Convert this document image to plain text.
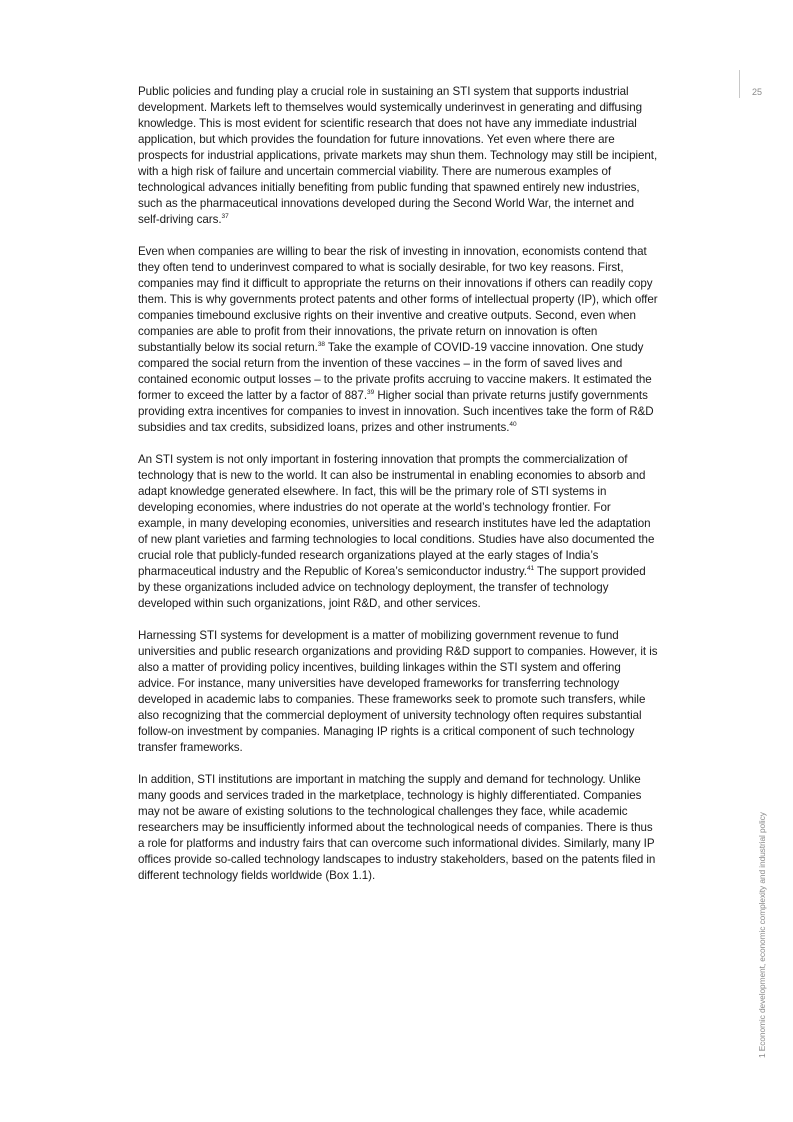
25

Public policies and funding play a crucial role in sustaining an STI system that supports industrial development. Markets left to themselves would systemically underinvest in generating and diffusing knowledge. This is most evident for scientific research that does not have any immediate industrial application, but which provides the foundation for future innovations. Yet even where there are prospects for industrial applications, private markets may shun them. Technology may still be incipient, with a high risk of failure and uncertain commercial viability. There are numerous examples of technological advances initially benefiting from public funding that spawned entirely new industries, such as the pharmaceutical innovations developed during the Second World War, the internet and self-driving cars.$^{37}$

Even when companies are willing to bear the risk of investing in innovation, economists contend that they often tend to underinvest compared to what is socially desirable, for two key reasons. First, companies may find it difficult to appropriate the returns on their innovations if others can readily copy them. This is why governments protect patents and other forms of intellectual property (IP), which offer companies timebound exclusive rights on their inventive and creative outputs. Second, even when companies are able to profit from their innovations, the private return on innovation is often substantially below its social return.$^{38}$ Take the example of COVID-19 vaccine innovation. One study compared the social return from the invention of these vaccines – in the form of saved lives and contained economic output losses – to the private profits accruing to vaccine makers. It estimated the former to exceed the latter by a factor of 887.39 Higher social than private returns justify governments providing extra incentives for companies to invest in innovation. Such incentives take the form of R&D subsidies and tax credits, subsidized loans, prizes and other instruments.$^{40}$

An STI system is not only important in fostering innovation that prompts the commercialization of technology that is new to the world. It can also be instrumental in enabling economies to absorb and adapt knowledge generated elsewhere. In fact, this will be the primary role of STI systems in developing economies, where industries do not operate at the world’s technology frontier. For example, in many developing economies, universities and research institutes have led the adaptation of new plant varieties and farming technologies to local conditions. Studies have also documented the crucial role that publicly-funded research organizations played at the early stages of India’s pharmaceutical industry and the Republic of Korea’s semiconductor industry.$^{41}$ The support provided by these organizations included advice on technology deployment, the transfer of technology developed within such organizations, joint R&D, and other services.

Harnessing STI systems for development is a matter of mobilizing government revenue to fund universities and public research organizations and providing R&D support to companies. However, it is also a matter of providing policy incentives, building linkages within the STI system and offering advice. For instance, many universities have developed frameworks for transferring technology developed in academic labs to companies. These frameworks seek to promote such transfers, while also recognizing that the commercial deployment of university technology often requires substantial follow-on investment by companies. Managing IP rights is a critical component of such technology transfer frameworks.

In addition, STI institutions are important in matching the supply and demand for technology. Unlike many goods and services traded in the marketplace, technology is highly differentiated. Companies may not be aware of existing solutions to the technological challenges they face, while academic researchers may be insufficiently informed about the technological needs of companies. There is thus a role for platforms and industry fairs that can overcome such informational divides. Similarly, many IP offices provide so-called technology landscapes to industry stakeholders, based on the patents filed in different technology fields worldwide (Box 1.1).	1 Economic development, economic complexity and industrial policy
